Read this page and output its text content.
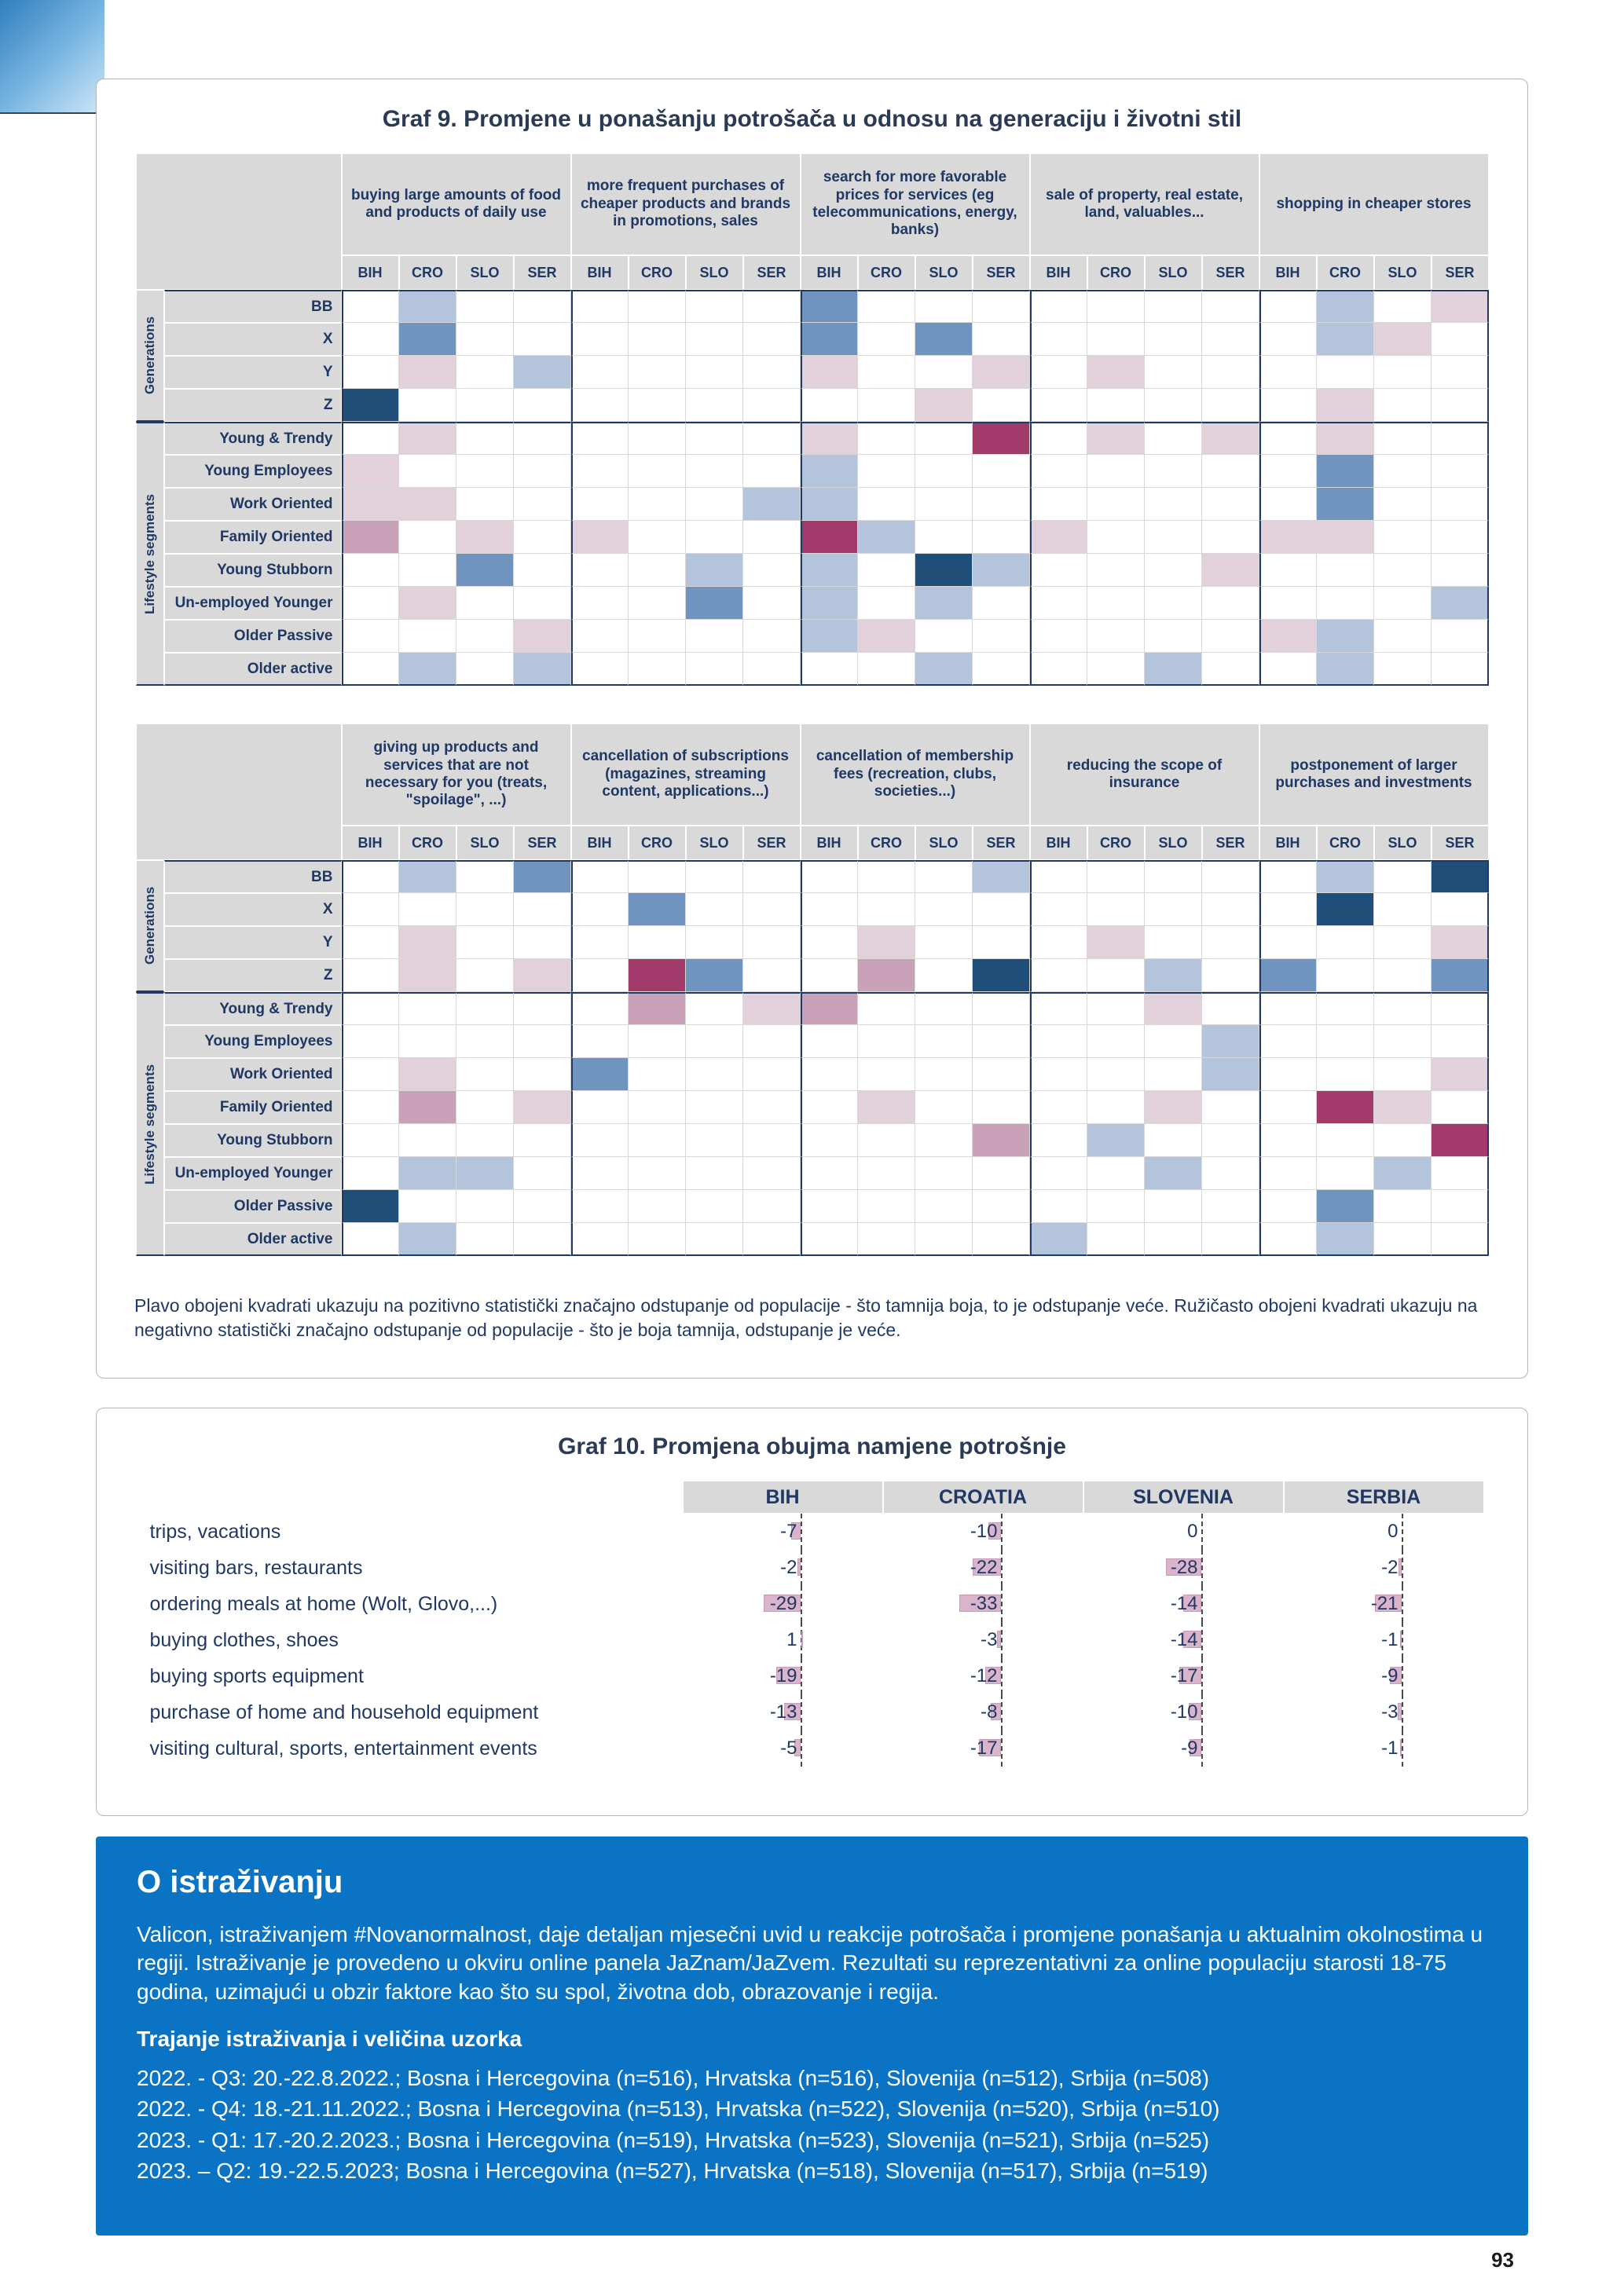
Graf 9. Promjene u ponašanju potrošača u odnosu na generaciju i životni stil
buying large amounts of food and products of daily use
more frequent purchases of cheaper products and brands in promotions, sales
search for more favorable prices for services (eg telecommunications, energy, banks)
sale of property, real estate, land, valuables...
shopping in cheaper stores
BIH	CRO	SLO	SER	BIH	CRO	SLO	SER	BIH	CRO	SLO	SER	BIH	CRO	SLO	SER	BIH	CRO	SLO	SER
Generations
Lifestyle segments
BB
X
Y
Z
Young & Trendy
Young Employees
Work Oriented
Family Oriented
Young Stubborn
Un-employed Younger
Older Passive
Older active
giving up products and services that are not necessary for you (treats, "spoilage", ...)
cancellation of subscriptions (magazines, streaming content, applications...)
cancellation of membership fees (recreation, clubs, societies...)
reducing the scope of insurance
postponement of larger purchases and investments
BIH	CRO	SLO	SER	BIH	CRO	SLO	SER	BIH	CRO	SLO	SER	BIH	CRO	SLO	SER	BIH	CRO	SLO	SER
Generations
Lifestyle segments
BB
X
Y
Z
Young & Trendy
Young Employees
Work Oriented
Family Oriented
Young Stubborn
Un-employed Younger
Older Passive
Older active

Plavo obojeni kvadrati ukazuju na pozitivno statistički značajno odstupanje od populacije - što tamnija boja, to je odstupanje veće. Ružičasto obojeni kvadrati ukazuju na negativno statistički značajno odstupanje od populacije - što je boja tamnija, odstupanje je veće.

Graf 10. Promjena obujma namjene potrošnje
BIH	CROATIA	SLOVENIA	SERBIA
trips, vacations	-7	-10	0	0
visiting bars, restaurants	-2	-22	-28	-2
ordering meals at home (Wolt, Glovo,...)	-29	-33	-14	-21
buying clothes, shoes	1	-3	-14	-1
buying sports equipment	-19	-12	-17	-9
purchase of home and household equipment	-13	-8	-10	-3
visiting cultural, sports, entertainment events	-5	-17	-9	-1
O istraživanju

Valicon, istraživanjem #Novanormalnost, daje detaljan mjesečni uvid u reakcije potrošača i promjene ponašanja u aktualnim okolnostima u regiji. Istraživanje je provedeno u okviru online panela JaZnam/JaZvem. Rezultati su reprezentativni za online populaciju starosti 18-75 godina, uzimajući u obzir faktore kao što su spol, životna dob, obrazovanje i regija.

Trajanje istraživanja i veličina uzorka
2022. - Q3: 20.-22.8.2022.; Bosna i Hercegovina (n=516), Hrvatska (n=516), Slovenija (n=512), Srbija (n=508)
2022. - Q4: 18.-21.11.2022.; Bosna i Hercegovina (n=513), Hrvatska (n=522), Slovenija (n=520), Srbija (n=510)
2023. - Q1: 17.-20.2.2023.; Bosna i Hercegovina (n=519), Hrvatska (n=523), Slovenija (n=521), Srbija (n=525)
2023. – Q2: 19.-22.5.2023; Bosna i Hercegovina (n=527), Hrvatska (n=518), Slovenija (n=517), Srbija (n=519)
93
